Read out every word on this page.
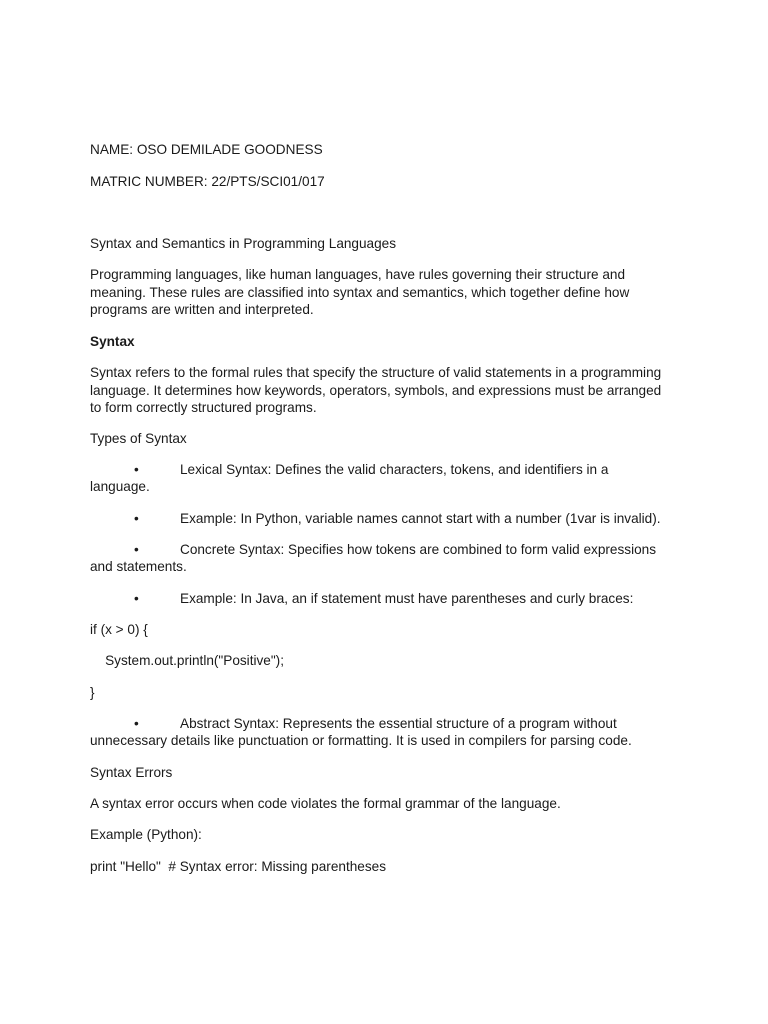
NAME: OSO DEMILADE GOODNESS

MATRIC NUMBER: 22/PTS/SCI01/017

Syntax and Semantics in Programming Languages

Programming languages, like human languages, have rules governing their structure and

meaning. These rules are classified into syntax and semantics, which together define how

programs are written and interpreted.

Syntax

Syntax refers to the formal rules that specify the structure of valid statements in a programming

language. It determines how keywords, operators, symbols, and expressions must be arranged

to form correctly structured programs.

Types of Syntax

•	Lexical Syntax: Defines the valid characters, tokens, and identifiers in a
language.
•	Example: In Python, variable names cannot start with a number (1var is invalid).
•	Concrete Syntax: Specifies how tokens are combined to form valid expressions
and statements.
•	Example: In Java, an if statement must have parentheses and curly braces:

if (x > 0) {

System.out.println("Positive");

}

•	Abstract Syntax: Represents the essential structure of a program without
unnecessary details like punctuation or formatting. It is used in compilers for parsing code.

Syntax Errors

A syntax error occurs when code violates the formal grammar of the language.

Example (Python):

print "Hello"  # Syntax error: Missing parentheses
